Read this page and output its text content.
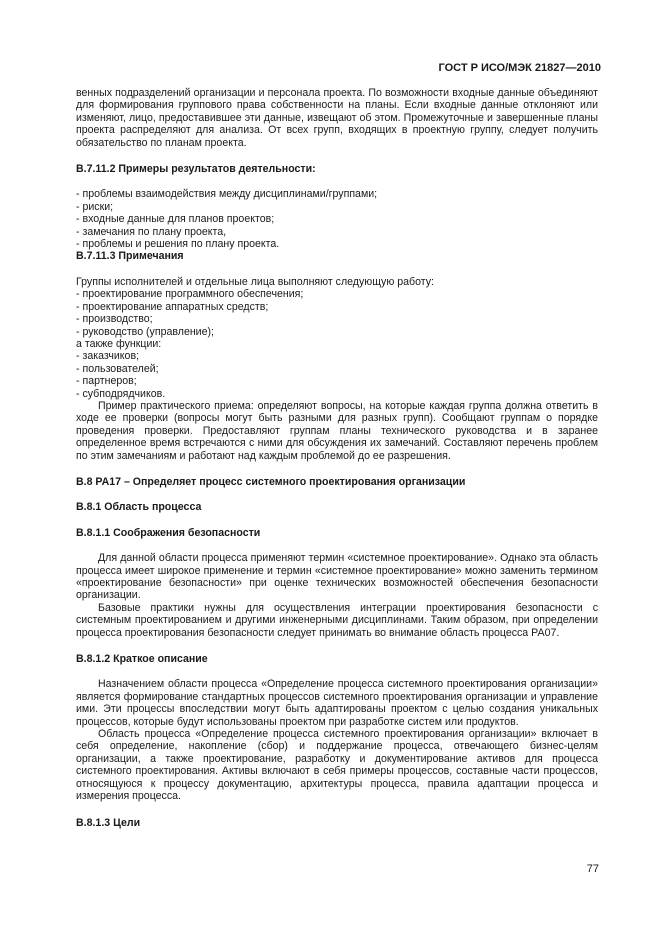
ГОСТ Р ИСО/МЭК 21827—2010

венных подразделений организации и персонала проекта. По возможности входные данные объединяют для формирования группового права собственности на планы. Если входные данные отклоняют или изменяют, лицо, предоставившее эти данные, извещают об этом. Промежуточные и завершенные планы проекта распределяют для анализа. От всех групп, входящих в проектную группу, следует получить обязательство по планам проекта.

В.7.11.2 Примеры результатов деятельности:

- проблемы взаимодействия между дисциплинами/группами;
- риски;
- входные данные для планов проектов;
- замечания по плану проекта,
- проблемы и решения по плану проекта.

В.7.11.3 Примечания

Группы исполнителей и отдельные лица выполняют следующую работу:

- проектирование программного обеспечения;
- проектирование аппаратных средств;
- производство;
- руководство (управление);
а также функции:
- заказчиков;
- пользователей;
- партнеров;
- субподрядчиков.

Пример практического приема: определяют вопросы, на которые каждая группа должна ответить в ходе ее проверки (вопросы могут быть разными для разных групп). Сообщают группам о порядке проведения проверки. Предоставляют группам планы технического руководства и в заранее определенное время встречаются с ними для обсуждения их замечаний. Составляют перечень проблем по этим замечаниям и работают над каждым проблемой до ее разрешения.

В.8 РА17 – Определяет процесс системного проектирования организации

В.8.1 Область процесса

В.8.1.1 Соображения безопасности

Для данной области процесса применяют термин «системное проектирование». Однако эта область процесса имеет широкое применение и термин «системное проектирование» можно заменить термином «проектирование безопасности» при оценке технических возможностей обеспечения безопасности организации.

Базовые практики нужны для осуществления интеграции проектирования безопасности с системным проектированием и другими инженерными дисциплинами. Таким образом, при определении процесса проектирования безопасности следует принимать во внимание область процесса РА07.

В.8.1.2 Краткое описание

Назначением области процесса «Определение процесса системного проектирования организации» является формирование стандартных процессов системного проектирования организации и управление ими. Эти процессы впоследствии могут быть адаптированы проектом с целью создания уникальных процессов, которые будут использованы проектом при разработке систем или продуктов.

Область процесса «Определение процесса системного проектирования организации» включает в себя определение, накопление (сбор) и поддержание процесса, отвечающего бизнес-целям организации, а также проектирование, разработку и документирование активов для процесса системного проектирования. Активы включают в себя примеры процессов, составные части процессов, относящуюся к процессу документацию, архитектуры процесса, правила адаптации процесса и измерения процесса.

В.8.1.3 Цели

77
